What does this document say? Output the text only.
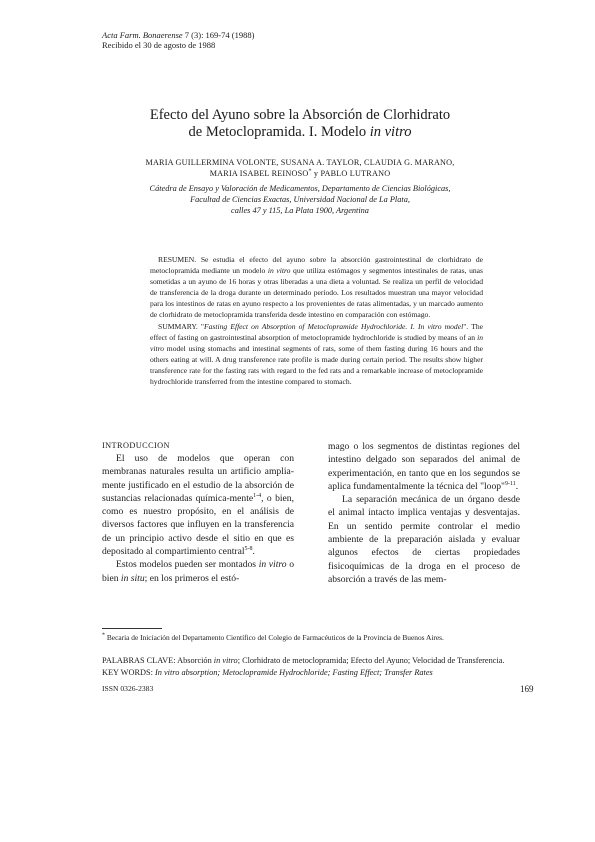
Acta Farm. Bonaerense 7 (3): 169-74 (1988)
Recibido el 30 de agosto de 1988
Efecto del Ayuno sobre la Absorción de Clorhidrato
de Metoclopramida. I. Modelo in vitro
MARIA GUILLERMINA VOLONTE, SUSANA A. TAYLOR, CLAUDIA G. MARANO,
MARIA ISABEL REINOSO* y PABLO LUTRANO
Cátedra de Ensayo y Valoración de Medicamentos, Departamento de Ciencias Biológicas,
Facultad de Ciencias Exactas, Universidad Nacional de La Plata,
calles 47 y 115, La Plata 1900, Argentina

RESUMEN. Se estudia el efecto del ayuno sobre la absorción gastrointestinal de clorhidrato de metoclopramida mediante un modelo in vitro que utiliza estómagos y segmentos intestinales de ratas, unas sometidas a un ayuno de 16 horas y otras liberadas a una dieta a voluntad. Se realiza un perfil de velocidad de transferencia de la droga durante un determinado período. Los resultados muestran una mayor velocidad para los intestinos de ratas en ayuno respecto a los provenientes de ratas alimentadas, y un marcado aumento de clorhidrato de metoclopramida transferida desde intestino en comparación con estómago.

SUMMARY. "Fasting Effect on Absorption of Metoclopramide Hydrochloride. I. In vitro model". The effect of fasting on gastrointestinal absorption of metoclopramide hydrochloride is studied by means of an in vitro model using stomachs and intestinal segments of rats, some of them fasting during 16 hours and the others eating at will. A drug transference rate profile is made during certain period. The results show higher transference rate for the fasting rats with regard to the fed rats and a remarkable increase of metoclopramide hydrochloride transferred from the intestine compared to stomach.

INTRODUCCION

El uso de modelos que operan con membranas naturales resulta un artificio amplia-mente justificado en el estudio de la absorción de sustancias relacionadas química-mente$^{1-4}$, o bien, como es nuestro propósito, en el análisis de diversos factores que influyen en la transferencia de un principio activo desde el sitio en que es depositado al compartimiento central$^{5-8}$.

Estos modelos pueden ser montados in vitro o bien in situ; en los primeros el estó-

mago o los segmentos de distintas regiones del intestino delgado son separados del animal de experimentación, en tanto que en los segundos se aplica fundamentalmente la técnica del "loop"$^{9-11}$.

La separación mecánica de un órgano desde el animal intacto implica ventajas y desventajas. En un sentido permite controlar el medio ambiente de la preparación aislada y evaluar algunos efectos de ciertas propiedades fisicoquímicas de la droga en el proceso de absorción a través de las mem-

* Becaria de Iniciación del Departamento Científico del Colegio de Farmacéuticos de la Provincia de Buenos Aires.

PALABRAS CLAVE: Absorción in vitro; Clorhidrato de metoclopramida; Efecto del Ayuno; Velocidad de Transferencia.

KEY WORDS: In vitro absorption; Metoclopramide Hydrochloride; Fasting Effect; Transfer Rates

ISSN 0326-2383	169
